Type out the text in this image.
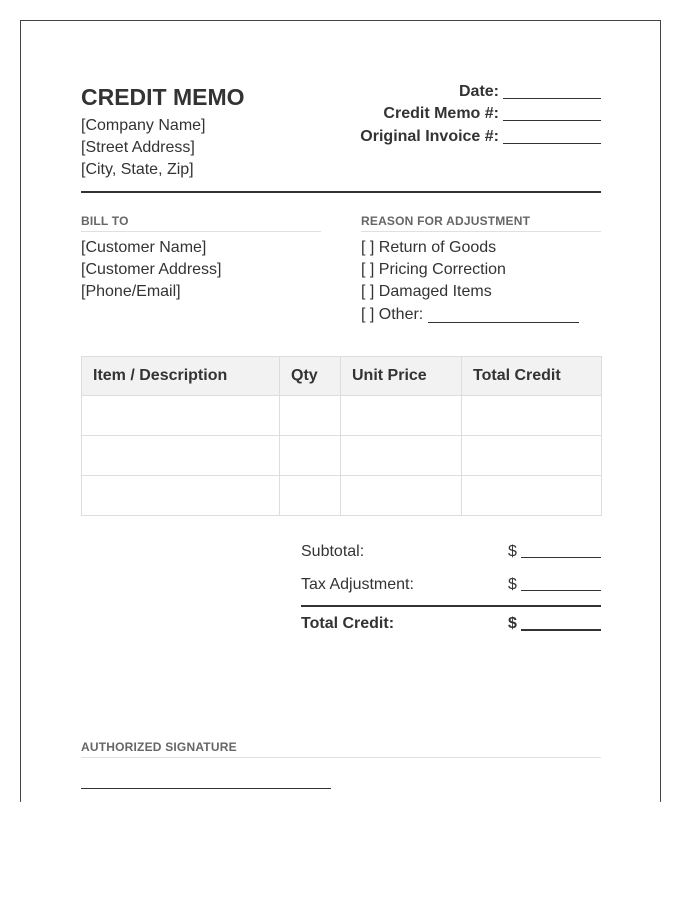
CREDIT MEMO
[Company Name]
[Street Address]
[City, State, Zip]
Date:
Credit Memo #:
Original Invoice #:
BILL TO
[Customer Name]
[Customer Address]
[Phone/Email]
REASON FOR ADJUSTMENT
[ ] Return of Goods
[ ] Pricing Correction
[ ] Damaged Items
[ ] Other:
Item / Description	Qty	Unit Price	Total Credit

Subtotal:	$
Tax Adjustment:	$
Total Credit:	$
AUTHORIZED SIGNATURE
